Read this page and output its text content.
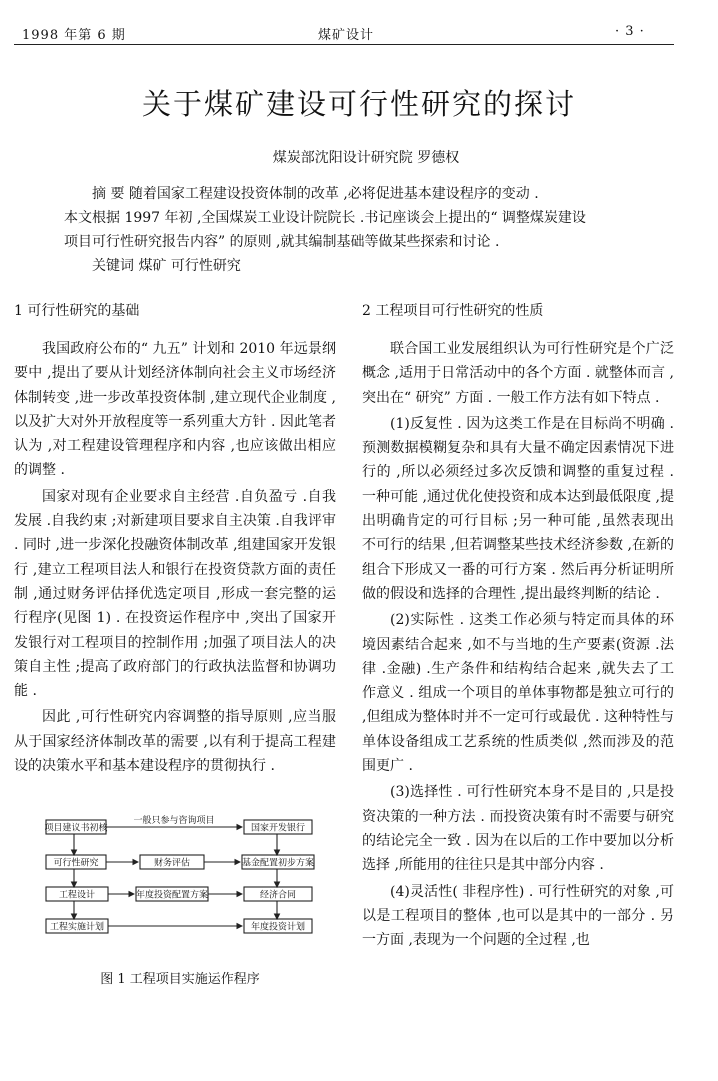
1998 年第 6 期	煤矿设计	· 3 ·
关于煤矿建设可行性研究的探讨
煤炭部沈阳设计研究院 罗德权
摘 要 随着国家工程建设投资体制的改革 ,必将促进基本建设程序的变动 .
本文根据 1997 年初 ,全国煤炭工业设计院院长 .书记座谈会上提出的“ 调整煤炭建设
项目可行性研究报告内容” 的原则 ,就其编制基础等做某些探索和讨论 .
关键词 煤矿 可行性研究
1 可行性研究的基础	2 工程项目可行性研究的性质

我国政府公布的“ 九五” 计划和 2010 年远景纲要中 ,提出了要从计划经济体制向社会主义市场经济体制转变 ,进一步改革投资体制 ,建立现代企业制度 ,以及扩大对外开放程度等一系列重大方针 . 因此笔者认为 ,对工程建设管理程序和内容 ,也应该做出相应的调整 .

国家对现有企业要求自主经营 .自负盈亏 .自我发展 .自我约束 ;对新建项目要求自主决策 .自我评审 . 同时 ,进一步深化投融资体制改革 ,组建国家开发银行 ,建立工程项目法人和银行在投资贷款方面的责任制 ,通过财务评估择优选定项目 ,形成一套完整的运行程序(见图 1) . 在投资运作程序中 ,突出了国家开发银行对工程项目的控制作用 ;加强了项目法人的决策自主性 ;提高了政府部门的行政执法监督和协调功能 .

因此 ,可行性研究内容调整的指导原则 ,应当服从于国家经济体制改革的需要 ,以有利于提高工程建设的决策水平和基本建设程序的贯彻执行 .

联合国工业发展组织认为可行性研究是个广泛概念 ,适用于日常活动中的各个方面 . 就整体而言 ,突出在“ 研究” 方面 . 一般工作方法有如下特点 .

(1)反复性 . 因为这类工作是在目标尚不明确 .预测数据模糊复杂和具有大量不确定因素情况下进行的 ,所以必须经过多次反馈和调整的重复过程 . 一种可能 ,通过优化使投资和成本达到最低限度 ,提出明确肯定的可行目标 ;另一种可能 ,虽然表现出不可行的结果 ,但若调整某些技术经济参数 ,在新的组合下形成又一番的可行方案 . 然后再分析证明所做的假设和选择的合理性 ,提出最终判断的结论 .

(2)实际性 . 这类工作必须与特定而具体的环境因素结合起来 ,如不与当地的生产要素(资源 .法律 .金融) .生产条件和结构结合起来 ,就失去了工作意义 . 组成一个项目的单体事物都是独立可行的 ,但组成为整体时并不一定可行或最优 . 这种特性与单体设备组成工艺系统的性质类似 ,然而涉及的范围更广 .

(3)选择性 . 可行性研究本身不是目的 ,只是投资决策的一种方法 . 而投资决策有时不需要与研究的结论完全一致 . 因为在以后的工作中要加以分析选择 ,所能用的往往只是其中部分内容 .

(4)灵活性( 非程序性) . 可行性研究的对象 ,可以是工程项目的整体 ,也可以是其中的一部分 . 另一方面 ,表现为一个问题的全过程 ,也

一般只参与咨询项目
项目建议书初核	国家开发银行
可行性研究	财务评估	基金配置初步方案
工程设计	年度投资配置方案	经济合同
工程实施计划	年度投资计划
图 1 工程项目实施运作程序
